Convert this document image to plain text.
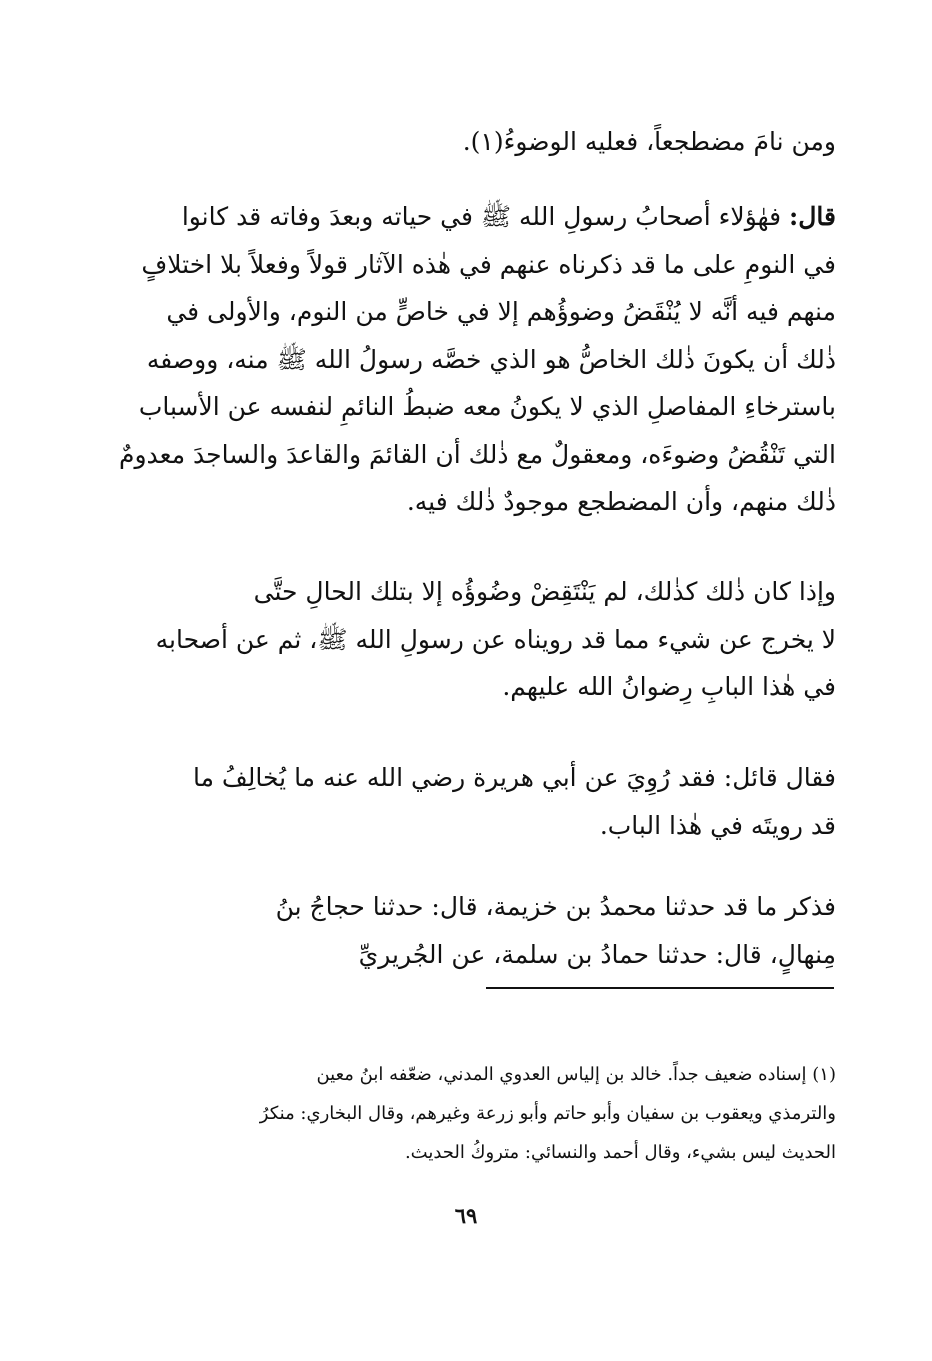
ومن نامَ مضطجعاً، فعليه الوضوءُ(١).
قال: فهٰؤلاء أصحابُ رسولِ الله ﷺ في حياته وبعدَ وفاته قد كانوا
في النومِ على ما قد ذكرناه عنهم في هٰذه الآثار قولاً وفعلاً بلا اختلافٍ
منهم فيه أنَّه لا يُنْقَضُ وضوؤُهم إلا في خاصٍّ من النوم، والأولى في
ذٰلك أن يكونَ ذٰلك الخاصُّ هو الذي خصَّه رسولُ الله ﷺ منه، ووصفه
باسترخاءِ المفاصلِ الذي لا يكونُ معه ضبطُ النائمِ لنفسه عن الأسباب
التي تَنْقُضُ وضوءَه، ومعقولٌ مع ذٰلك أن القائمَ والقاعدَ والساجدَ معدومٌ
ذٰلك منهم، وأن المضطجع موجودٌ ذٰلك فيه.
وإذا كان ذٰلك كذٰلك، لم يَنْتَقِضْ وضُوؤُه إلا بتلك الحالِ حتَّى
لا يخرج عن شيء مما قد رويناه عن رسولِ الله ﷺ، ثم عن أصحابه
في هٰذا البابِ رِضوانُ الله عليهم.
فقال قائل: فقد رُوِيَ عن أبي هريرة رضي الله عنه ما يُخالِفُ ما
قد رويتَه في هٰذا الباب.
فذكر ما قد حدثنا محمدُ بن خزيمة، قال: حدثنا حجاجُ بنُ
مِنهالٍ، قال: حدثنا حمادُ بن سلمة، عن الجُريريِّ
(١) إسناده ضعيف جداً. خالد بن إلياس العدوي المدني، ضعّفه ابنُ معين
والترمذي ويعقوب بن سفيان وأبو حاتم وأبو زرعة وغيرهم، وقال البخاري: منكرُ
الحديث ليس بشيء، وقال أحمد والنسائي: متروكُ الحديث.
٦٩
